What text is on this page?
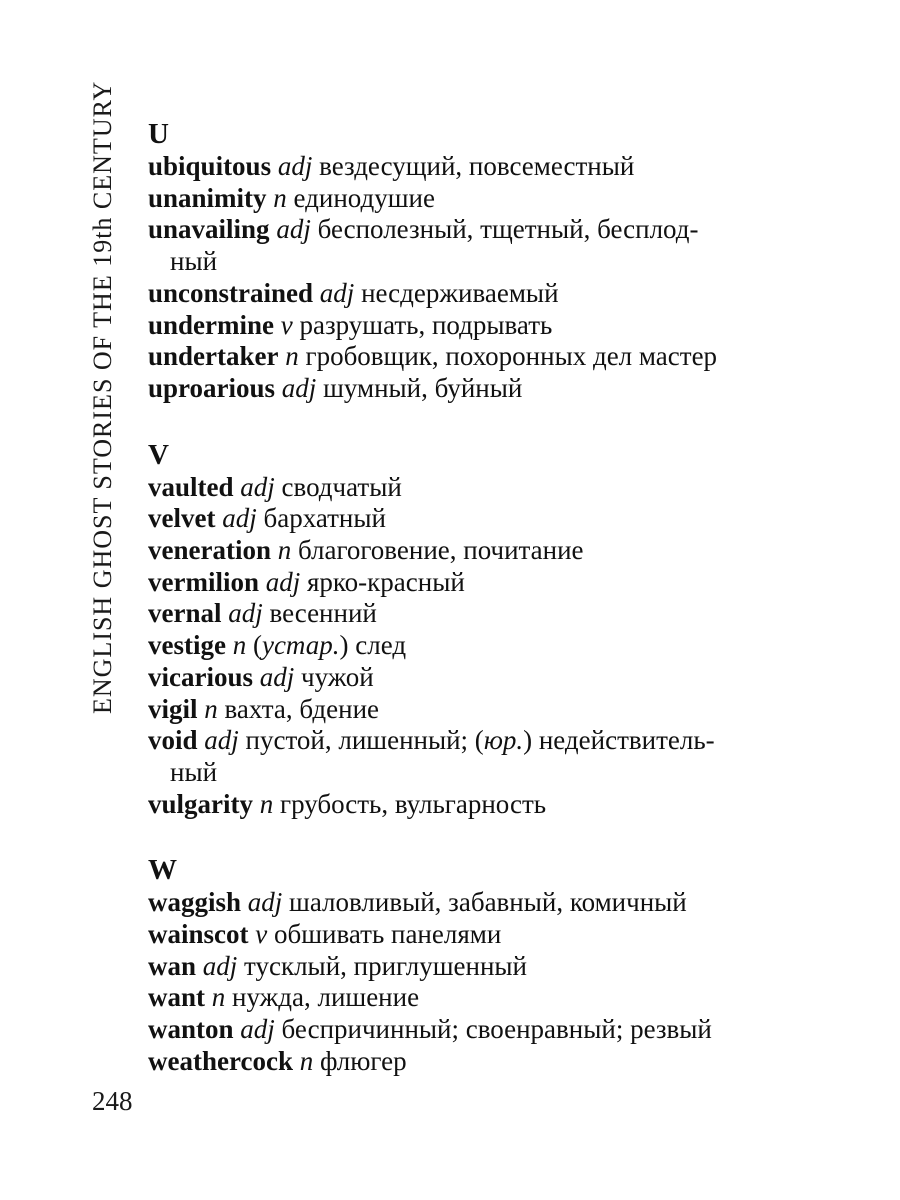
ENGLISH GHOST STORIES OF THE 19th CENTURY U
ubiquitous adj вездесущий, повсеместный
unanimity n единодушие
unavailing adj бесполезный, тщетный, бесплод-
ный
unconstrained adj несдерживаемый
undermine v разрушать, подрывать
undertaker n гробовщик, похоронных дел мастер
uproarious adj шумный, буйный
V
vaulted adj сводчатый
velvet adj бархатный
veneration n благоговение, почитание
vermilion adj ярко-красный
vernal adj весенний
vestige n (устар.) след
vicarious adj чужой
vigil n вахта, бдение
void adj пустой, лишенный; (юр.) недействитель-
ный
vulgarity n грубость, вульгарность
W
waggish adj шаловливый, забавный, комичный
wainscot v обшивать панелями
wan adj тусклый, приглушенный
want n нужда, лишение
wanton adj беспричинный; своенравный; резвый
weathercock n флюгер
248
